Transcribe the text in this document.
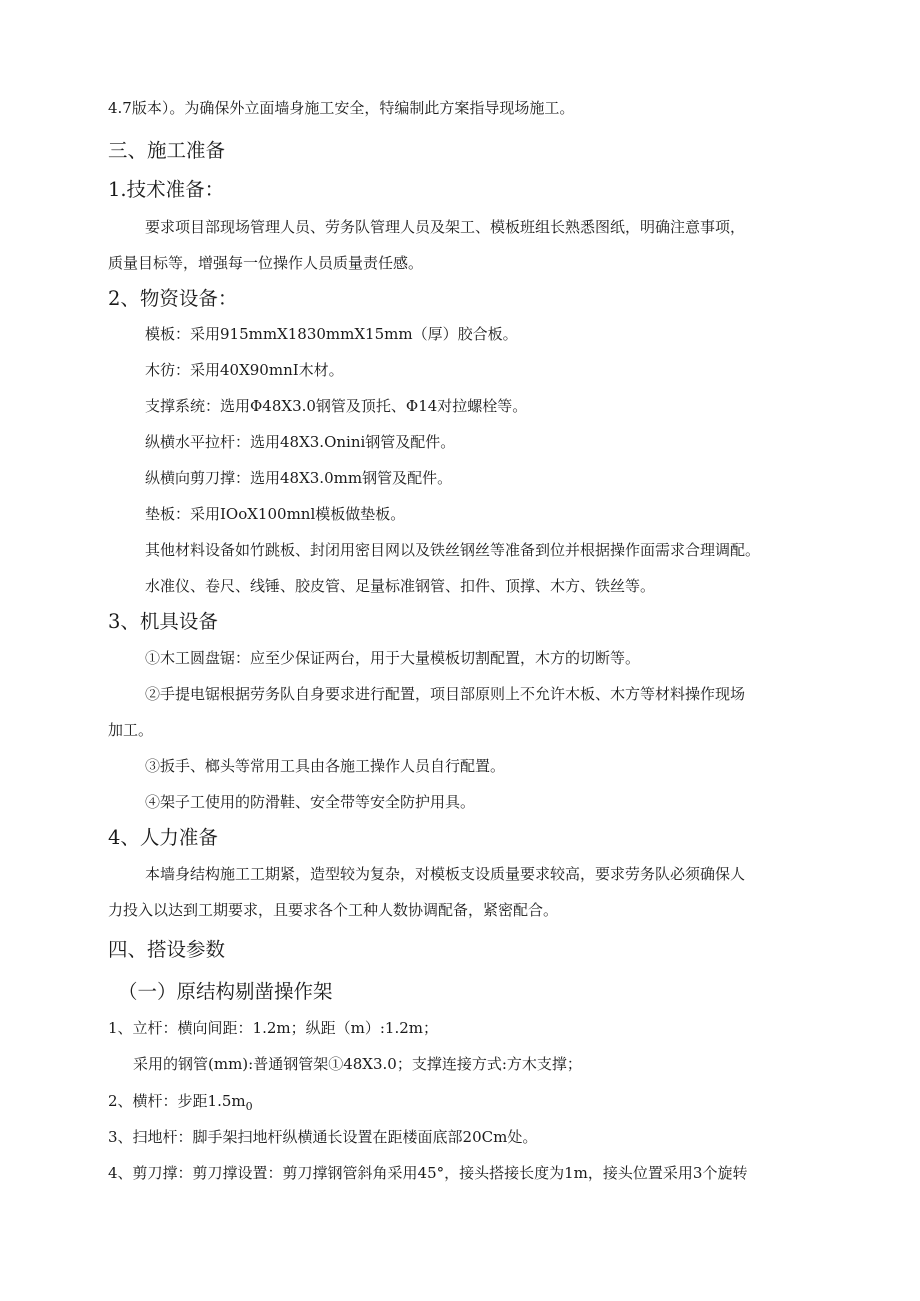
4.7版本）。为确保外立面墙身施工安全，特编制此方案指导现场施工。
三、施工准备
1.技术准备：
要求项目部现场管理人员、劳务队管理人员及架工、模板班组长熟悉图纸，明确注意事项，
质量目标等，增强每一位操作人员质量责任感。
2、物资设备：
模板：采用915mmX1830mmX15mm（厚）胶合板。
木彷：采用40X90mnI木材。
支撑系统：选用Φ48X3.0钢管及顶托、Φ14对拉螺栓等。
纵横水平拉杆：选用48X3.Onini钢管及配件。
纵横向剪刀撑：选用48X3.0mm钢管及配件。
垫板：采用IOoX100mnl模板做垫板。
其他材料设备如竹跳板、封闭用密目网以及铁丝钢丝等准备到位并根据操作面需求合理调配。
水准仪、卷尺、线锤、胶皮管、足量标准钢管、扣件、顶撑、木方、铁丝等。
3、机具设备
①木工圆盘锯：应至少保证两台，用于大量模板切割配置，木方的切断等。
②手提电锯根据劳务队自身要求进行配置，项目部原则上不允许木板、木方等材料操作现场
加工。
③扳手、榔头等常用工具由各施工操作人员自行配置。
④架子工使用的防滑鞋、安全带等安全防护用具。
4、人力准备
本墙身结构施工工期紧，造型较为复杂，对模板支设质量要求较高，要求劳务队必须确保人
力投入以达到工期要求，且要求各个工种人数协调配备，紧密配合。
四、搭设参数
（一）原结构剔凿操作架
1、立杆：横向间距：1.2m；纵距（m）:1.2m；
采用的钢管(mm):普通钢管架①48X3.0；支撑连接方式:方木支撑；
2、横杆：步距$1.5m_0$
3、扫地杆：脚手架扫地杆纵横通长设置在距楼面底部20Cm处。
4、剪刀撑：剪刀撑设置：剪刀撑钢管斜角采用45°，接头搭接长度为1m，接头位置采用3个旋转
